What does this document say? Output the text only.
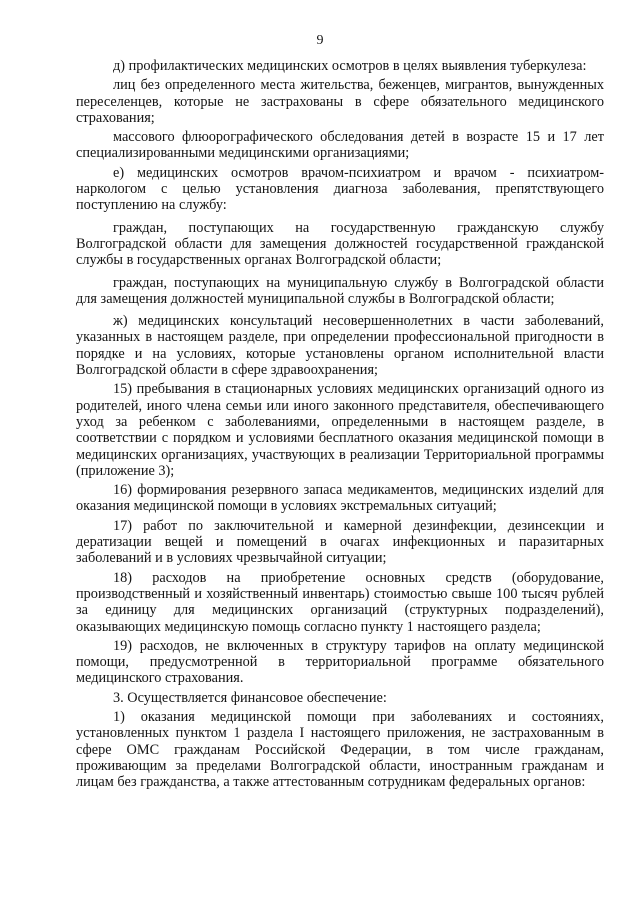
9

д) профилактических медицинских осмотров в целях выявления туберкулеза:

лиц без определенного места жительства, беженцев, мигрантов, вынужденных переселенцев, которые не застрахованы в сфере обязательного медицинского страхования;

массового флюорографического обследования детей в возрасте 15 и 17 лет специализированными медицинскими организациями;

е) медицинских осмотров врачом-психиатром и врачом - психиатром-наркологом с целью установления диагноза заболевания, препятствующего поступлению на службу:

граждан, поступающих на государственную гражданскую службу Волгоградской области для замещения должностей государственной гражданской службы в государственных органах Волгоградской области;

граждан, поступающих на муниципальную службу в Волгоградской области для замещения должностей муниципальной службы в Волгоградской области;

ж) медицинских консультаций несовершеннолетних в части заболеваний, указанных в настоящем разделе, при определении профессиональной пригодности в порядке и на условиях, которые установлены органом исполнительной власти Волгоградской области в сфере здравоохранения;

15) пребывания в стационарных условиях медицинских организаций одного из родителей, иного члена семьи или иного законного представителя, обеспечивающего уход за ребенком с заболеваниями, определенными в настоящем разделе, в соответствии с порядком и условиями бесплатного оказания медицинской помощи в медицинских организациях, участвующих в реализации Территориальной программы (приложение 3);

16) формирования резервного запаса медикаментов, медицинских изделий для оказания медицинской помощи в условиях экстремальных ситуаций;

17) работ по заключительной и камерной дезинфекции, дезинсекции и дератизации вещей и помещений в очагах инфекционных и паразитарных заболеваний и в условиях чрезвычайной ситуации;

18) расходов на приобретение основных средств (оборудование, производственный и хозяйственный инвентарь) стоимостью свыше 100 тысяч рублей за единицу для медицинских организаций (структурных подразделений), оказывающих медицинскую помощь согласно пункту 1 настоящего раздела;

19) расходов, не включенных в структуру тарифов на оплату медицинской помощи, предусмотренной в территориальной программе обязательного медицинского страхования.

3. Осуществляется финансовое обеспечение:

1) оказания медицинской помощи при заболеваниях и состояниях, установленных пунктом 1 раздела I настоящего приложения, не застрахованным в сфере ОМС гражданам Российской Федерации, в том числе гражданам, проживающим за пределами Волгоградской области, иностранным гражданам и лицам без гражданства, а также аттестованным сотрудникам федеральных органов:
